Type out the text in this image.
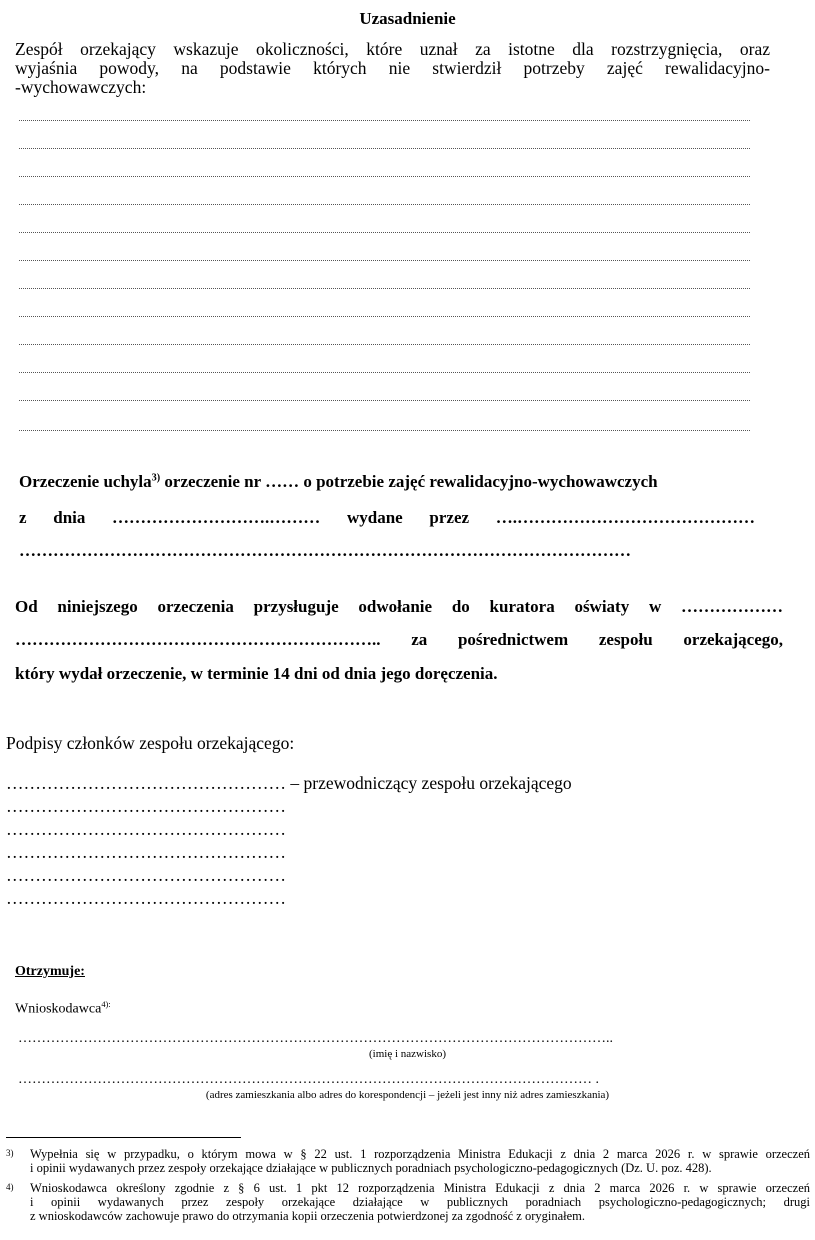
Uzasadnienie
Zespół orzekający wskazuje okoliczności, które uznał za istotne dla rozstrzygnięcia, oraz
wyjaśnia powody, na podstawie których nie stwierdził potrzeby zajęć rewalidacyjno-
-wychowawczych:
Orzeczenie uchyla$^{3)}$ orzeczenie nr …… o potrzebie zajęć rewalidacyjno-wychowawczych
z dnia ……………………….……… wydane przez ….……………………………………
………………………………………………………………………………………………
Od niniejszego orzeczenia przysługuje odwołanie do kuratora oświaty w ………………
……………………………………………………….. za pośrednictwem zespołu orzekającego,
który wydał orzeczenie, w terminie 14 dni od dnia jego doręczenia.
Podpisy członków zespołu orzekającego:
………………………………………… – przewodniczący zespołu orzekającego
…………………………………………
…………………………………………
…………………………………………
…………………………………………
…………………………………………
Otrzymuje:
Wnioskodawca$^{4):}$
………………………………………………………………………………………………………………..
(imię i nazwisko)
…………………………………………………………………………………………………………… .
(adres zamieszkania albo adres do korespondencji – jeżeli jest inny niż adres zamieszkania)
3) Wypełnia się w przypadku, o którym mowa w § 22 ust. 1 rozporządzenia Ministra Edukacji z dnia 2 marca 2026 r. w sprawie orzeczeń
i opinii wydawanych przez zespoły orzekające działające w publicznych poradniach psychologiczno-pedagogicznych (Dz. U. poz. 428).
4) Wnioskodawca określony zgodnie z § 6 ust. 1 pkt 12 rozporządzenia Ministra Edukacji z dnia 2 marca 2026 r. w sprawie orzeczeń
i opinii wydawanych przez zespoły orzekające działające w publicznych poradniach psychologiczno-pedagogicznych; drugi
z wnioskodawców zachowuje prawo do otrzymania kopii orzeczenia potwierdzonej za zgodność z oryginałem.
